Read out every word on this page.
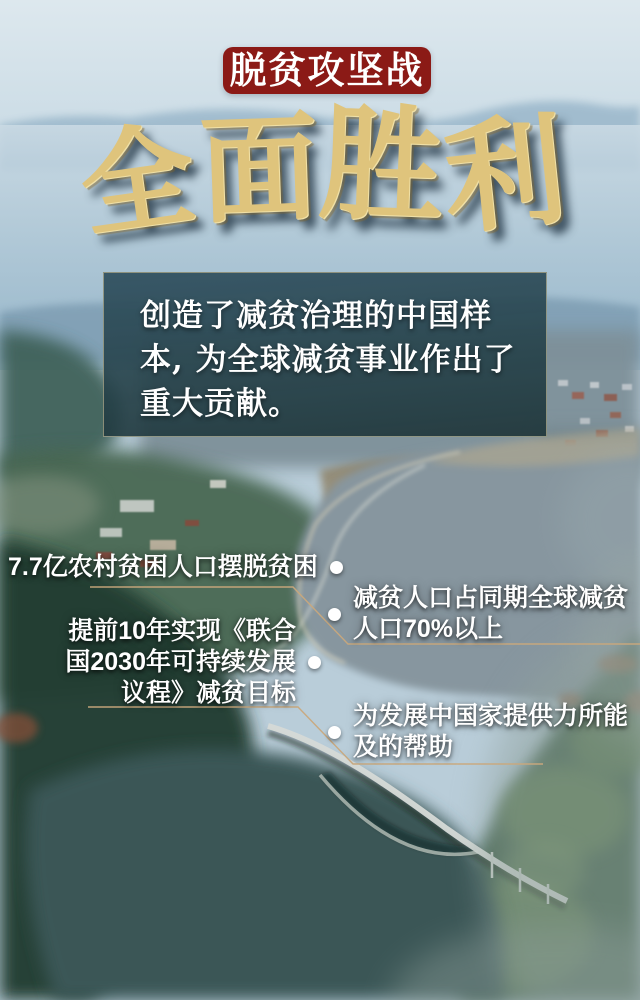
脱贫攻坚战
全 面 胜 利
创造了减贫治理的中国样
本, 为全球减贫事业作出了
重大贡献。
7.7亿农村贫困人口摆脱贫困
减贫人口占同期全球减贫
人口70%以上
提前10年实现《联合
国2030年可持续发展
议程》减贫目标
为发展中国家提供力所能
及的帮助
